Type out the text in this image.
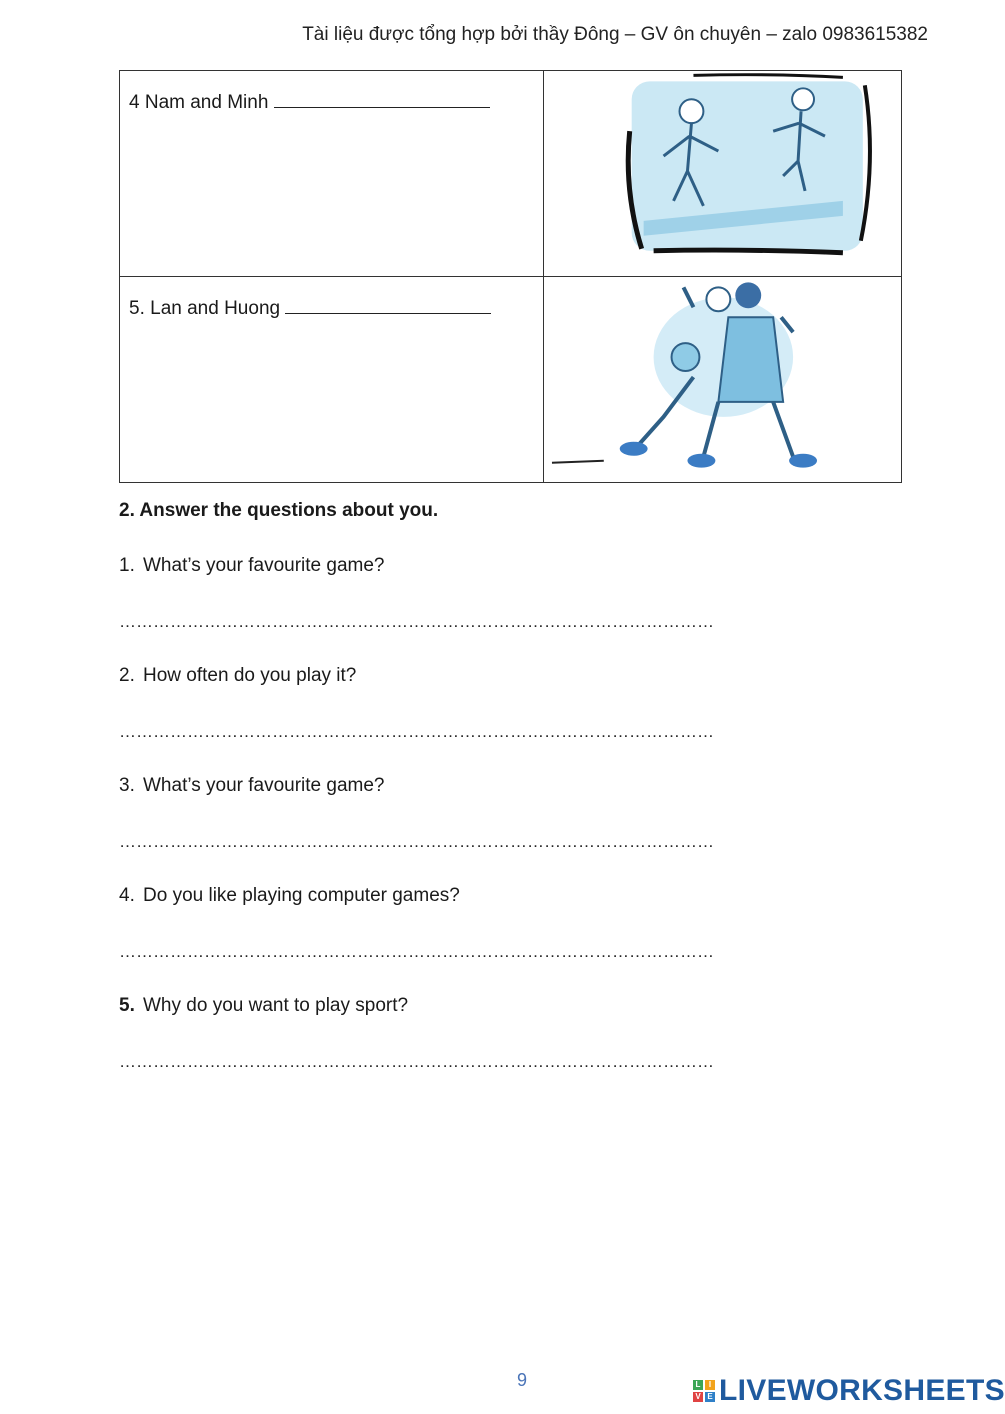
Tài liệu được tổng hợp bởi thầy Đông – GV ôn chuyên – zalo 0983615382
4 Nam and Minh

5. Lan and Huong

2. Answer the questions about you.
1. What’s your favourite game?
……………………………………………………………………………………………
2. How often do you play it?
……………………………………………………………………………………………
3. What’s your favourite game?
……………………………………………………………………………………………
4. Do you like playing computer games?
……………………………………………………………………………………………
5. Why do you want to play sport?
……………………………………………………………………………………………
9	L	I
V E LIVEWORKSHEETS
